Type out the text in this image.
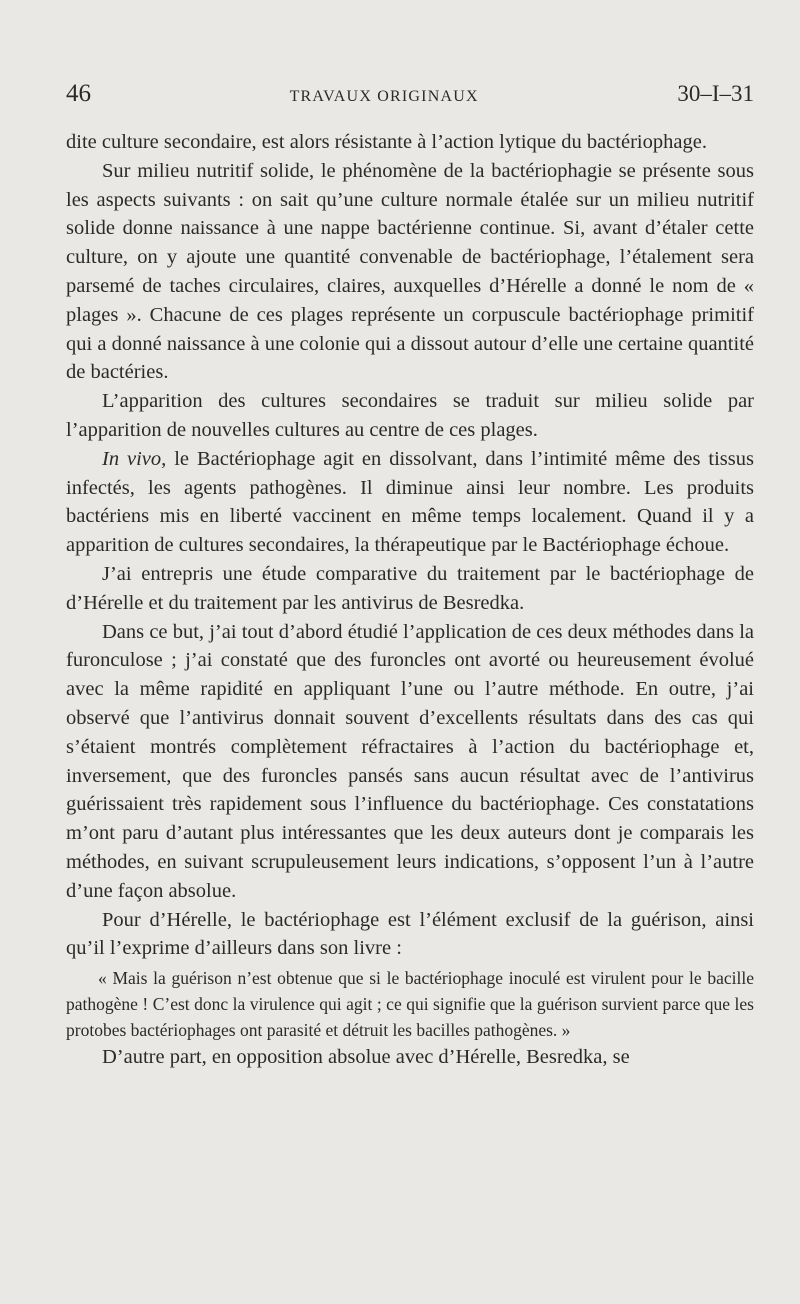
46	TRAVAUX ORIGINAUX	30–I–31

dite culture secondaire, est alors résistante à l’action lytique du bactériophage.

Sur milieu nutritif solide, le phénomène de la bactériophagie se présente sous les aspects suivants : on sait qu’une culture normale étalée sur un milieu nutritif solide donne naissance à une nappe bactérienne continue. Si, avant d’étaler cette culture, on y ajoute une quantité convenable de bactériophage, l’étalement sera parsemé de taches circulaires, claires, auxquelles d’Hérelle a donné le nom de « plages ». Chacune de ces plages représente un corpuscule bactériophage primitif qui a donné naissance à une colonie qui a dissout autour d’elle une certaine quantité de bactéries.

L’apparition des cultures secondaires se traduit sur milieu solide par l’apparition de nouvelles cultures au centre de ces plages.

In vivo, le Bactériophage agit en dissolvant, dans l’intimité même des tissus infectés, les agents pathogènes. Il diminue ainsi leur nombre. Les produits bactériens mis en liberté vaccinent en même temps localement. Quand il y a apparition de cultures secondaires, la thérapeutique par le Bactériophage échoue.

J’ai entrepris une étude comparative du traitement par le bactériophage de d’Hérelle et du traitement par les antivirus de Besredka.

Dans ce but, j’ai tout d’abord étudié l’application de ces deux méthodes dans la furonculose ; j’ai constaté que des furoncles ont avorté ou heureusement évolué avec la même rapidité en appliquant l’une ou l’autre méthode. En outre, j’ai observé que l’antivirus donnait souvent d’excellents résultats dans des cas qui s’étaient montrés complètement réfractaires à l’action du bactériophage et, inversement, que des furoncles pansés sans aucun résultat avec de l’antivirus guérissaient très rapidement sous l’influence du bactériophage. Ces constatations m’ont paru d’autant plus intéressantes que les deux auteurs dont je comparais les méthodes, en suivant scrupuleusement leurs indications, s’opposent l’un à l’autre d’une façon absolue.

Pour d’Hérelle, le bactériophage est l’élément exclusif de la guérison, ainsi qu’il l’exprime d’ailleurs dans son livre :

« Mais la guérison n’est obtenue que si le bactériophage inoculé est virulent pour le bacille pathogène ! C’est donc la virulence qui agit ; ce qui signifie que la guérison survient parce que les protobes bactériophages ont parasité et détruit les bacilles pathogènes. »

D’autre part, en opposition absolue avec d’Hérelle, Besredka, se
